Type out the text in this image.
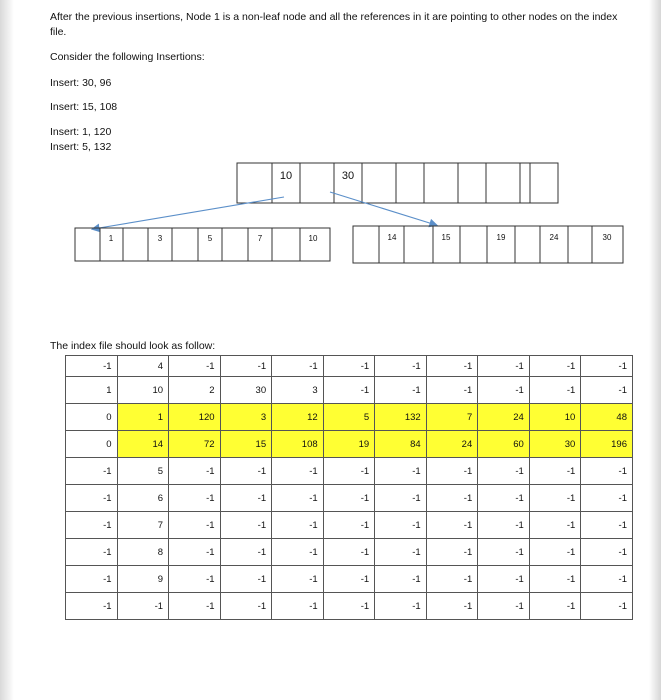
After the previous insertions, Node 1 is a non-leaf node and all the references in it are pointing to other nodes on the index file.

Consider the following Insertions:

Insert: 30, 96

Insert: 15, 108

Insert: 1, 120

Insert: 5, 132

10	30
1	3	5	7	10	14	15	19	24	30

The index file should look as follow:

-1	4	-1	-1	-1	-1	-1	-1	-1	-1	-1
1	10	2	30	3	-1	-1	-1	-1	-1	-1
0	1	120	3	12	5	132	7	24	10	48
0	14	72	15	108	19	84	24	60	30	196
-1	5	-1	-1	-1	-1	-1	-1	-1	-1	-1
-1	6	-1	-1	-1	-1	-1	-1	-1	-1	-1
-1	7	-1	-1	-1	-1	-1	-1	-1	-1	-1
-1	8	-1	-1	-1	-1	-1	-1	-1	-1	-1
-1	9	-1	-1	-1	-1	-1	-1	-1	-1	-1
-1	-1	-1	-1	-1	-1	-1	-1	-1	-1	-1
